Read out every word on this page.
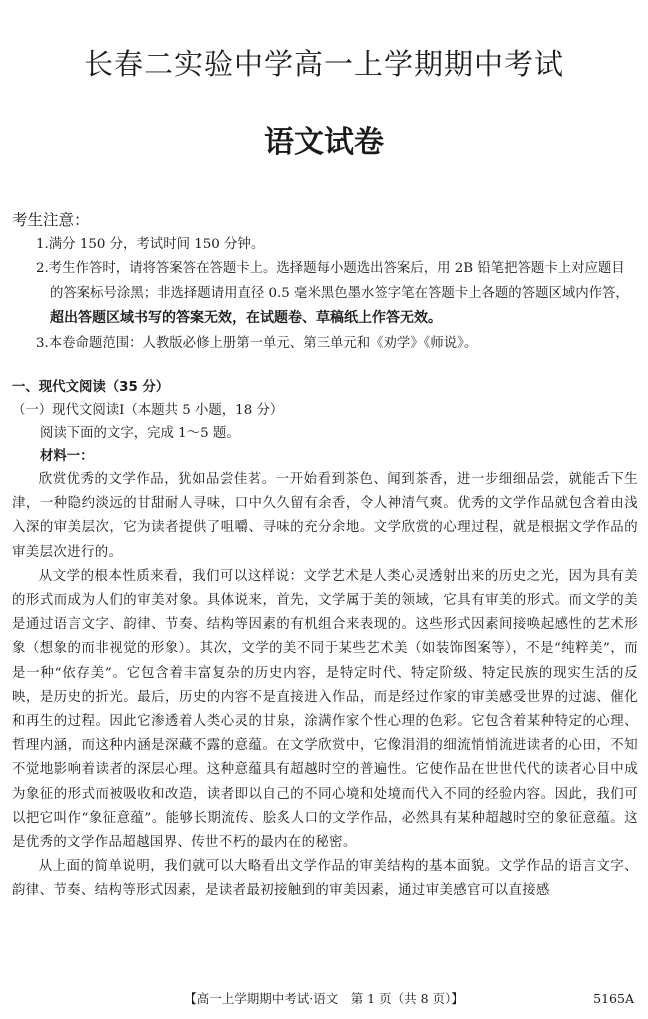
长春二实验中学高一上学期期中考试
语文试卷
考生注意：
1.满分 150 分，考试时间 150 分钟。
2.考生作答时，请将答案答在答题卡上。选择题每小题选出答案后，用 2B 铅笔把答题卡上对应题目的答案标号涂黑；非选择题请用直径 0.5 毫米黑色墨水签字笔在答题卡上各题的答题区域内作答，超出答题区域书写的答案无效，在试题卷、草稿纸上作答无效。
3.本卷命题范围：人教版必修上册第一单元、第三单元和《劝学》《师说》。
一、现代文阅读（35 分）
（一）现代文阅读Ⅰ（本题共 5 小题，18 分）
阅读下面的文字，完成 1～5 题。
材料一：

欣赏优秀的文学作品，犹如品尝佳茗。一开始看到茶色、闻到茶香，进一步细细品尝，就能舌下生津，一种隐约淡远的甘甜耐人寻味，口中久久留有余香，令人神清气爽。优秀的文学作品就包含着由浅入深的审美层次，它为读者提供了咀嚼、寻味的充分余地。文学欣赏的心理过程，就是根据文学作品的审美层次进行的。

从文学的根本性质来看，我们可以这样说：文学艺术是人类心灵透射出来的历史之光，因为具有美的形式而成为人们的审美对象。具体说来，首先，文学属于美的领域，它具有审美的形式。而文学的美是通过语言文字、韵律、节奏、结构等因素的有机组合来表现的。这些形式因素间接唤起感性的艺术形象（想象的而非视觉的形象）。其次，文学的美不同于某些艺术美（如装饰图案等），不是“纯粹美”，而是一种“依存美”。它包含着丰富复杂的历史内容，是特定时代、特定阶级、特定民族的现实生活的反映，是历史的折光。最后，历史的内容不是直接进入作品，而是经过作家的审美感受世界的过滤、催化和再生的过程。因此它渗透着人类心灵的甘泉，涂满作家个性心理的色彩。它包含着某种特定的心理、哲理内涵，而这种内涵是深藏不露的意蕴。在文学欣赏中，它像涓涓的细流悄悄流进读者的心田，不知不觉地影响着读者的深层心理。这种意蕴具有超越时空的普遍性。它使作品在世世代代的读者心目中成为象征的形式而被吸收和改造，读者即以自己的不同心境和处境而代入不同的经验内容。因此，我们可以把它叫作“象征意蕴”。能够长期流传、脍炙人口的文学作品，必然具有某种超越时空的象征意蕴。这是优秀的文学作品超越国界、传世不朽的最内在的秘密。

从上面的简单说明，我们就可以大略看出文学作品的审美结构的基本面貌。文学作品的语言文字、韵律、节奏、结构等形式因素，是读者最初接触到的审美因素，通过审美感官可以直接感

【高一上学期期中考试·语文　第 1 页（共 8 页）】	5165A
